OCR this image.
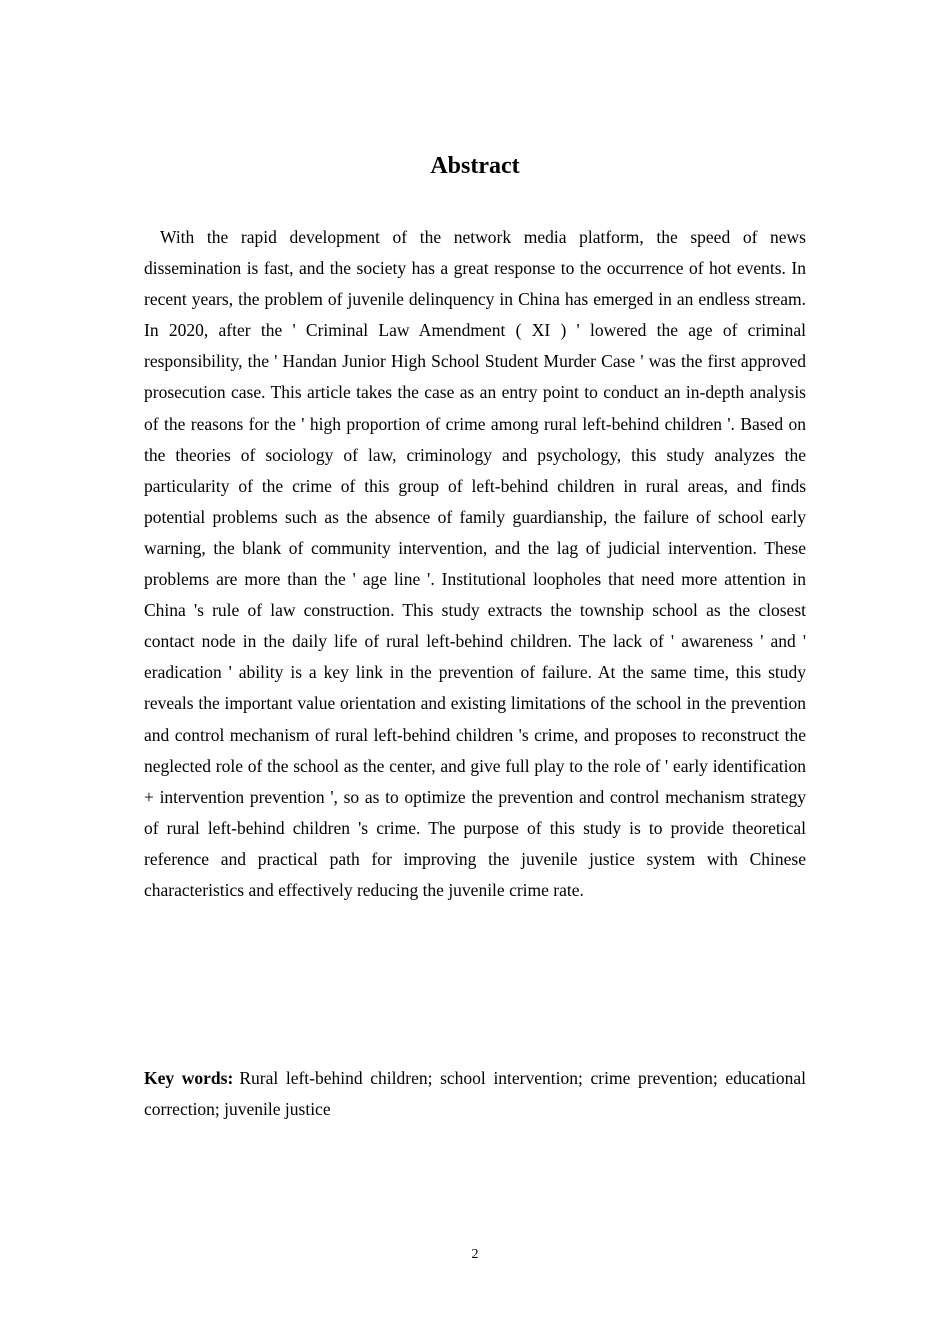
Abstract

With the rapid development of the network media platform, the speed of news dissemination is fast, and the society has a great response to the occurrence of hot events. In recent years, the problem of juvenile delinquency in China has emerged in an endless stream. In 2020, after the ' Criminal Law Amendment ( XI ) ' lowered the age of criminal responsibility, the ' Handan Junior High School Student Murder Case ' was the first approved prosecution case. This article takes the case as an entry point to conduct an in-depth analysis of the reasons for the ' high proportion of crime among rural left-behind children '. Based on the theories of sociology of law, criminology and psychology, this study analyzes the particularity of the crime of this group of left-behind children in rural areas, and finds potential problems such as the absence of family guardianship, the failure of school early warning, the blank of community intervention, and the lag of judicial intervention. These problems are more than the ' age line '. Institutional loopholes that need more attention in China 's rule of law construction. This study extracts the township school as the closest contact node in the daily life of rural left-behind children. The lack of ' awareness ' and ' eradication ' ability is a key link in the prevention of failure. At the same time, this study reveals the important value orientation and existing limitations of the school in the prevention and control mechanism of rural left-behind children 's crime, and proposes to reconstruct the neglected role of the school as the center, and give full play to the role of ' early identification + intervention prevention ', so as to optimize the prevention and control mechanism strategy of rural left-behind children 's crime. The purpose of this study is to provide theoretical reference and practical path for improving the juvenile justice system with Chinese characteristics and effectively reducing the juvenile crime rate.

Key words: Rural left-behind children; school intervention; crime prevention; educational correction; juvenile justice

2
